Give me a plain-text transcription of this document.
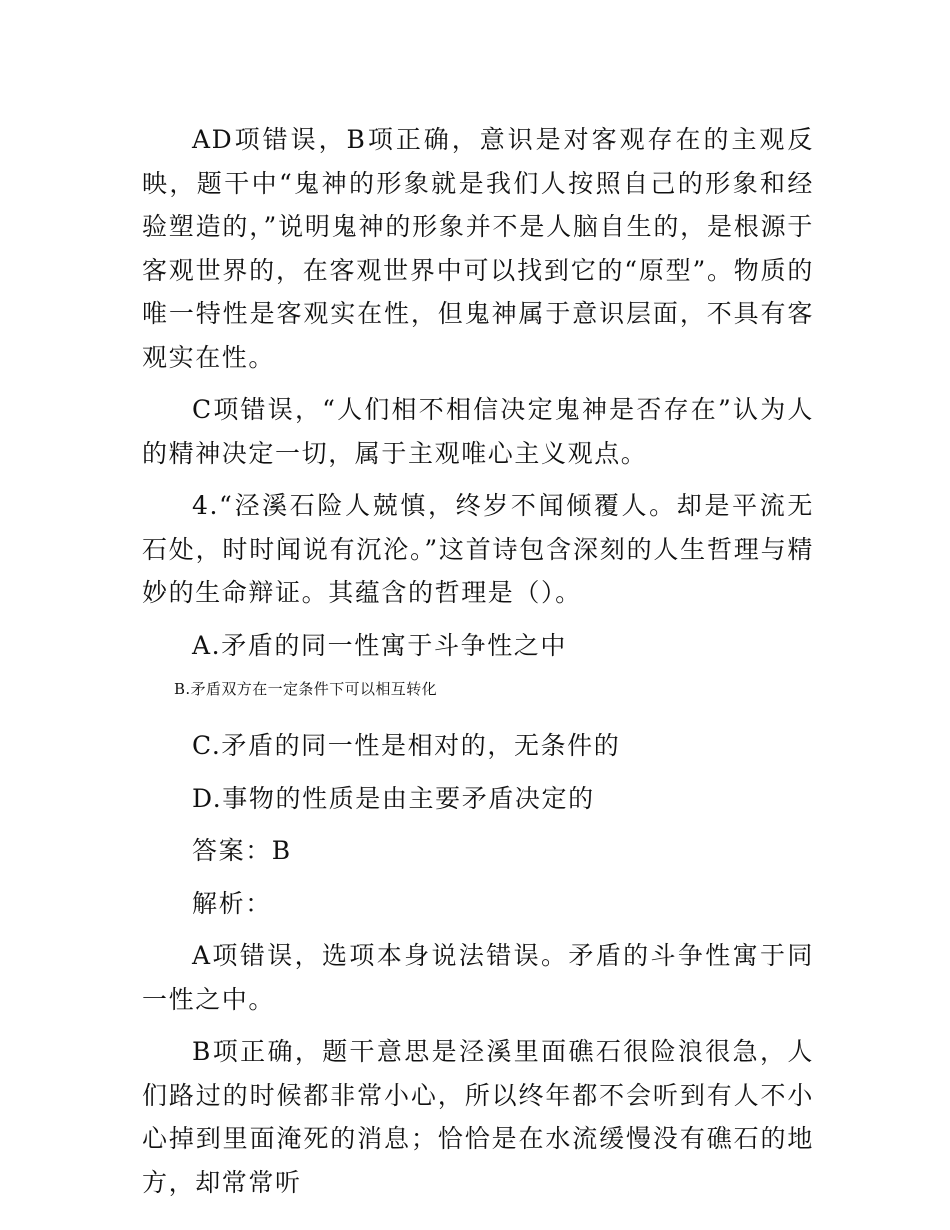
AD项错误，B项正确，意识是对客观存在的主观反映，题干中“鬼神的形象就是我们人按照自己的形象和经验塑造的，”说明鬼神的形象并不是人脑自生的，是根源于客观世界的，在客观世界中可以找到它的“原型”。物质的唯一特性是客观实在性，但鬼神属于意识层面，不具有客观实在性。

C项错误，“人们相不相信决定鬼神是否存在”认为人的精神决定一切，属于主观唯心主义观点。

4.“泾溪石险人兢慎，终岁不闻倾覆人。却是平流无石处，时时闻说有沉沦。”这首诗包含深刻的人生哲理与精妙的生命辩证。其蕴含的哲理是（）。

A.矛盾的同一性寓于斗争性之中

B.矛盾双方在一定条件下可以相互转化

C.矛盾的同一性是相对的，无条件的

D.事物的性质是由主要矛盾决定的

答案：B

解析：

A项错误，选项本身说法错误。矛盾的斗争性寓于同一性之中。

B项正确，题干意思是泾溪里面礁石很险浪很急，人们路过的时候都非常小心，所以终年都不会听到有人不小心掉到里面淹死的消息；恰恰是在水流缓慢没有礁石的地方，却常常听
